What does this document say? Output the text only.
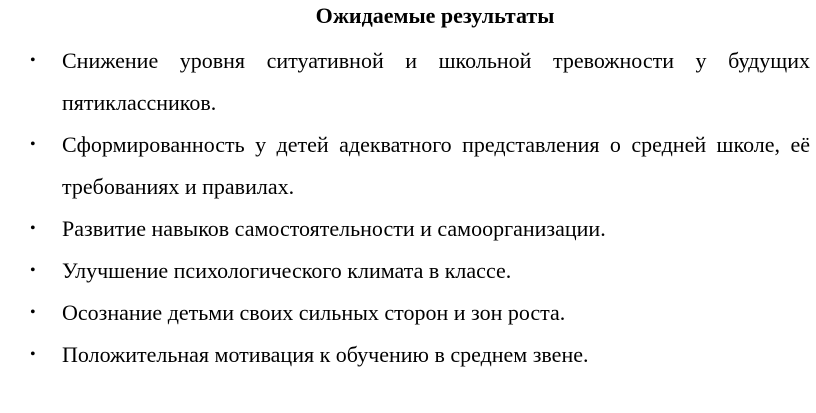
Ожидаемые результаты
• Снижение уровня ситуативной и школьной тревожности у будущих пятиклассников.
• Сформированность у детей адекватного представления о средней школе, её требованиях и правилах.
• Развитие навыков самостоятельности и самоорганизации.
• Улучшение психологического климата в классе.
• Осознание детьми своих сильных сторон и зон роста.
• Положительная мотивация к обучению в среднем звене.
